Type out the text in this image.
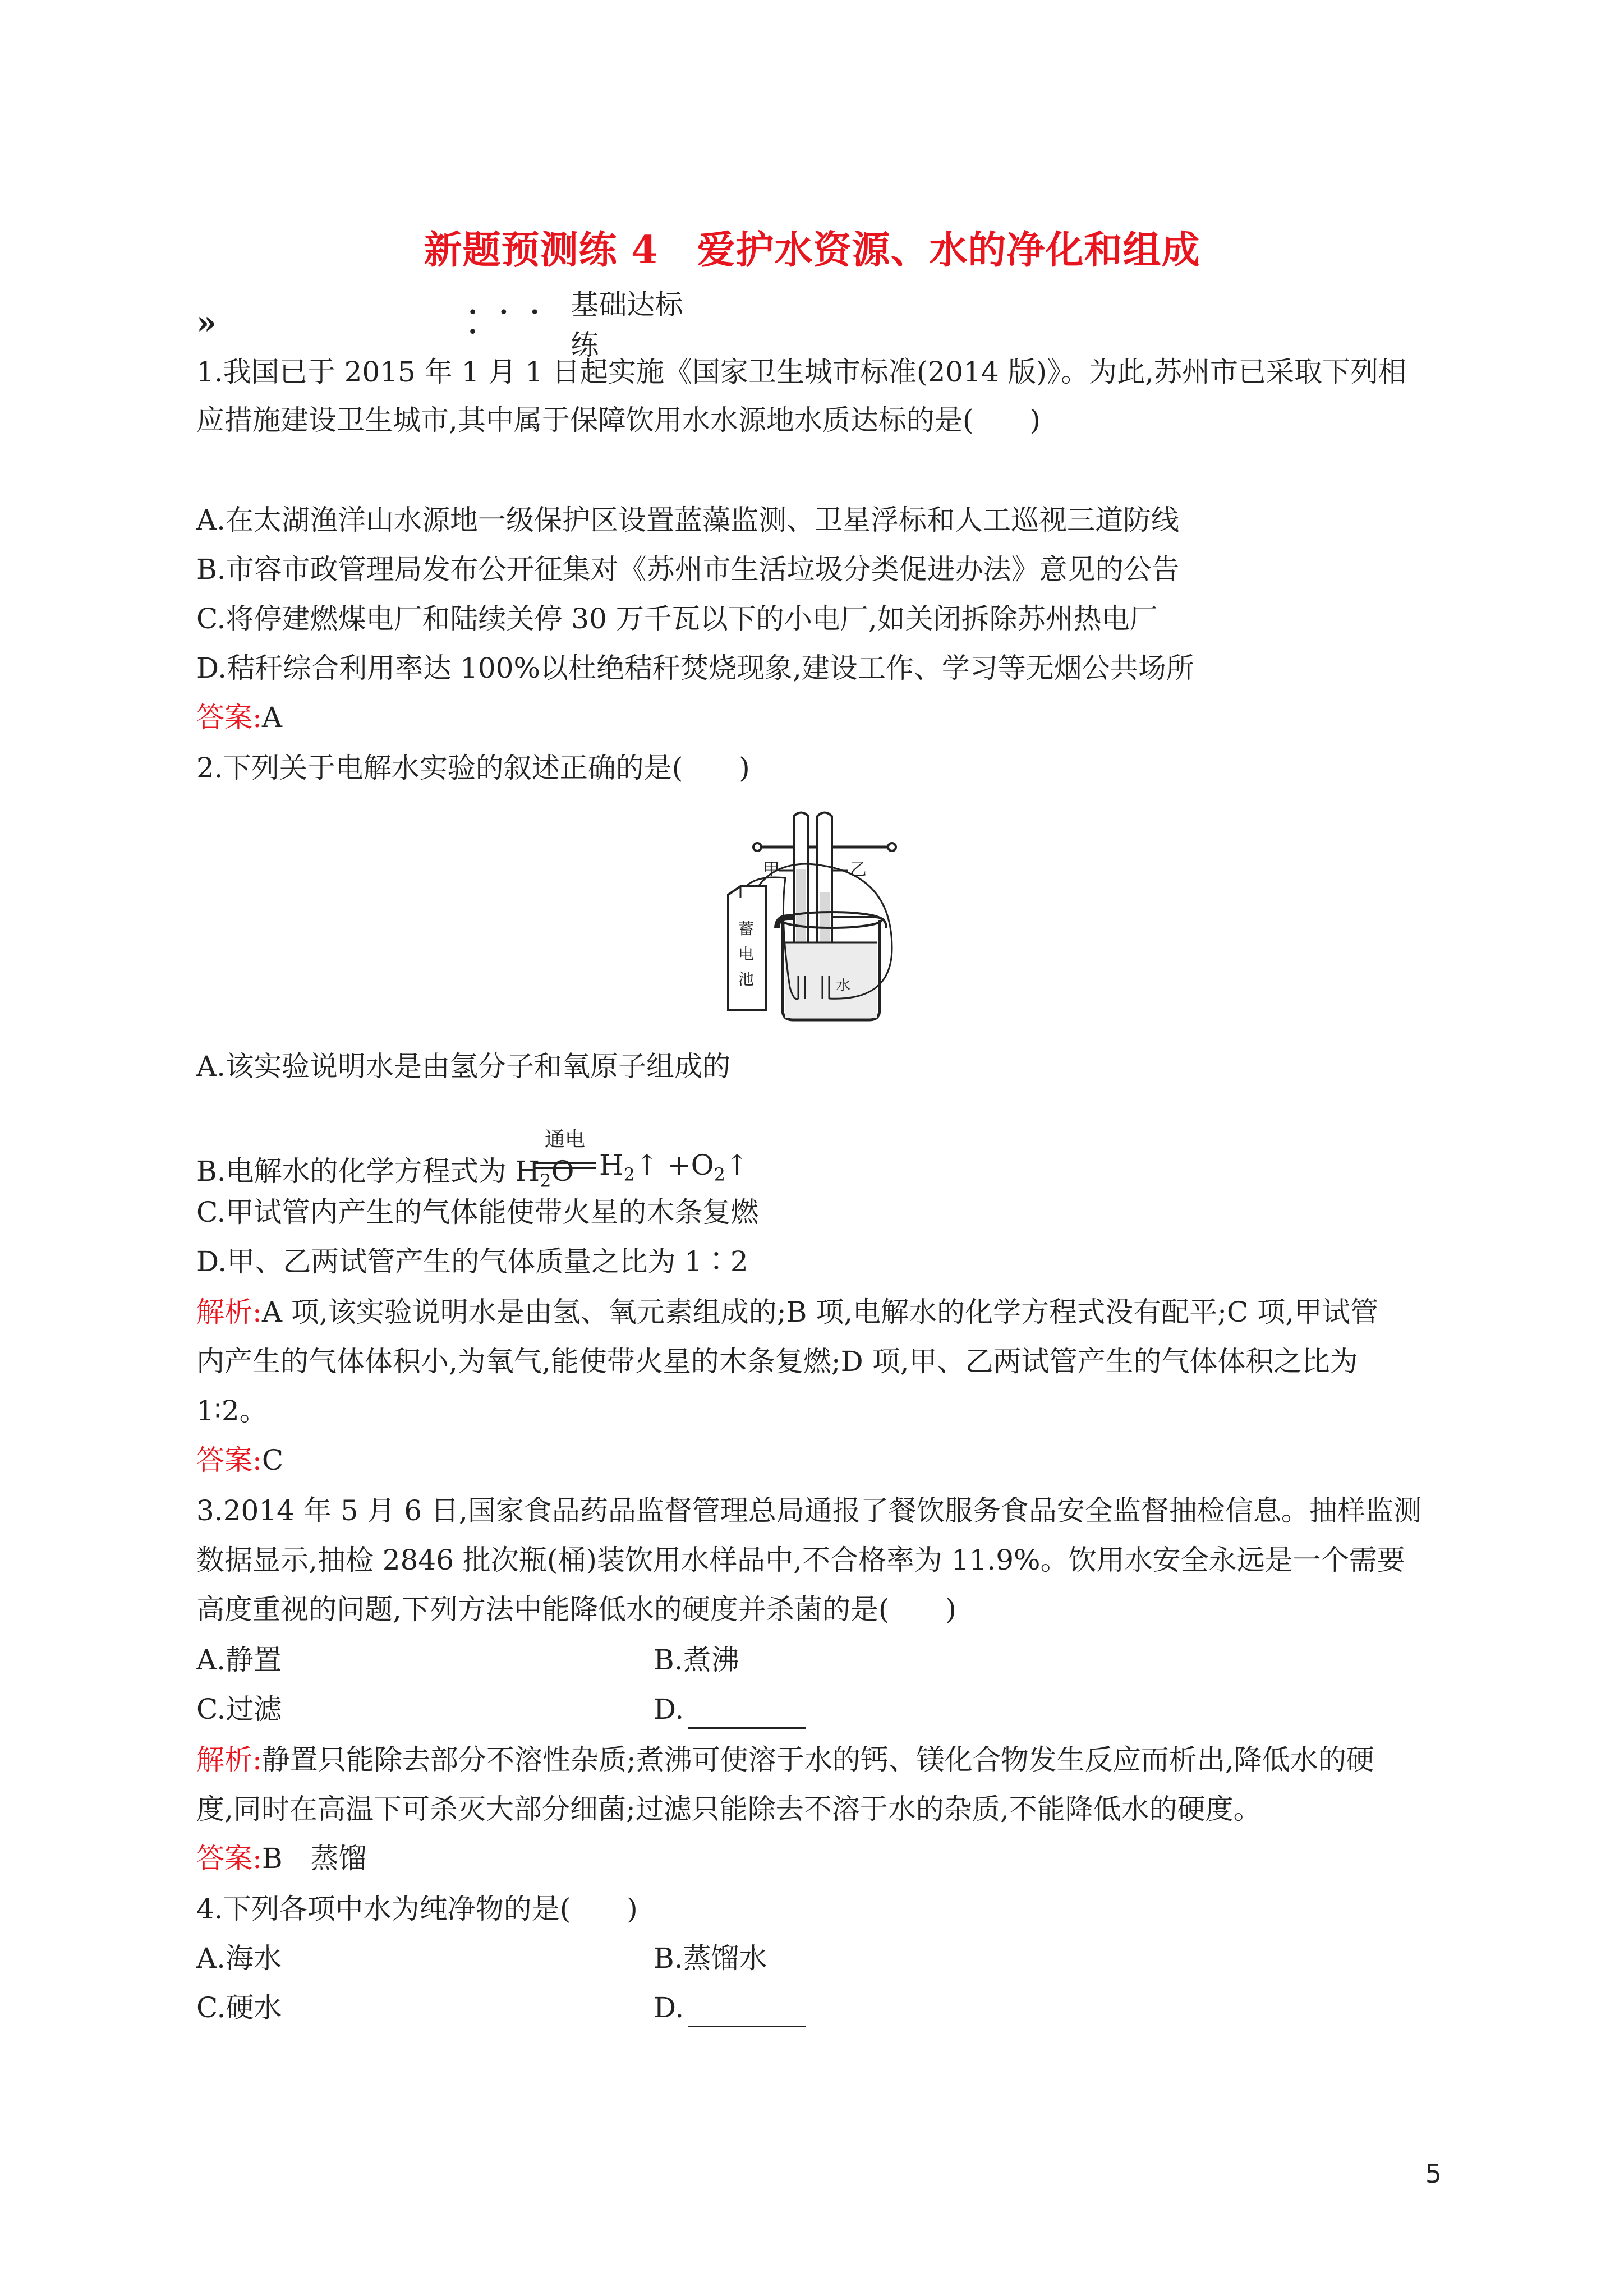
新题预测练 4　爱护水资源、水的净化和组成
»	• • • •
基础达标练
1.我国已于 2015 年 1 月 1 日起实施《国家卫生城市标准(2014 版)》。为此,苏州市已采取下列相
应措施建设卫生城市,其中属于保障饮用水水源地水质达标的是(　　)
A.在太湖渔洋山水源地一级保护区设置蓝藻监测、卫星浮标和人工巡视三道防线
B.市容市政管理局发布公开征集对《苏州市生活垃圾分类促进办法》意见的公告
C.将停建燃煤电厂和陆续关停 30 万千瓦以下的小电厂,如关闭拆除苏州热电厂
D.秸秆综合利用率达 100%以杜绝秸秆焚烧现象,建设工作、学习等无烟公共场所
答案:A
2.下列关于电解水实验的叙述正确的是(　　)
甲	乙
水
蓄
电
池
A.该实验说明水是由氢分子和氧原子组成的
B.电解水的化学方程式为 $H_2O$
通电
$H_2↑$ $+O_2↑$
C.甲试管内产生的气体能使带火星的木条复燃
D.甲、乙两试管产生的气体质量之比为 1∶2
解析:A 项,该实验说明水是由氢、氧元素组成的;B 项,电解水的化学方程式没有配平;C 项,甲试管
内产生的气体体积小,为氧气,能使带火星的木条复燃;D 项,甲、乙两试管产生的气体体积之比为
1∶2。
答案:C
3.2014 年 5 月 6 日,国家食品药品监督管理总局通报了餐饮服务食品安全监督抽检信息。抽样监测
数据显示,抽检 2846 批次瓶(桶)装饮用水样品中,不合格率为 11.9%。饮用水安全永远是一个需要
高度重视的问题,下列方法中能降低水的硬度并杀菌的是(　　)
A.静置	B.煮沸
C.过滤	D.
解析:静置只能除去部分不溶性杂质;煮沸可使溶于水的钙、镁化合物发生反应而析出,降低水的硬
度,同时在高温下可杀灭大部分细菌;过滤只能除去不溶于水的杂质,不能降低水的硬度。
答案:B　蒸馏
4.下列各项中水为纯净物的是(　　)
A.海水	B.蒸馏水
C.硬水	D.
5
